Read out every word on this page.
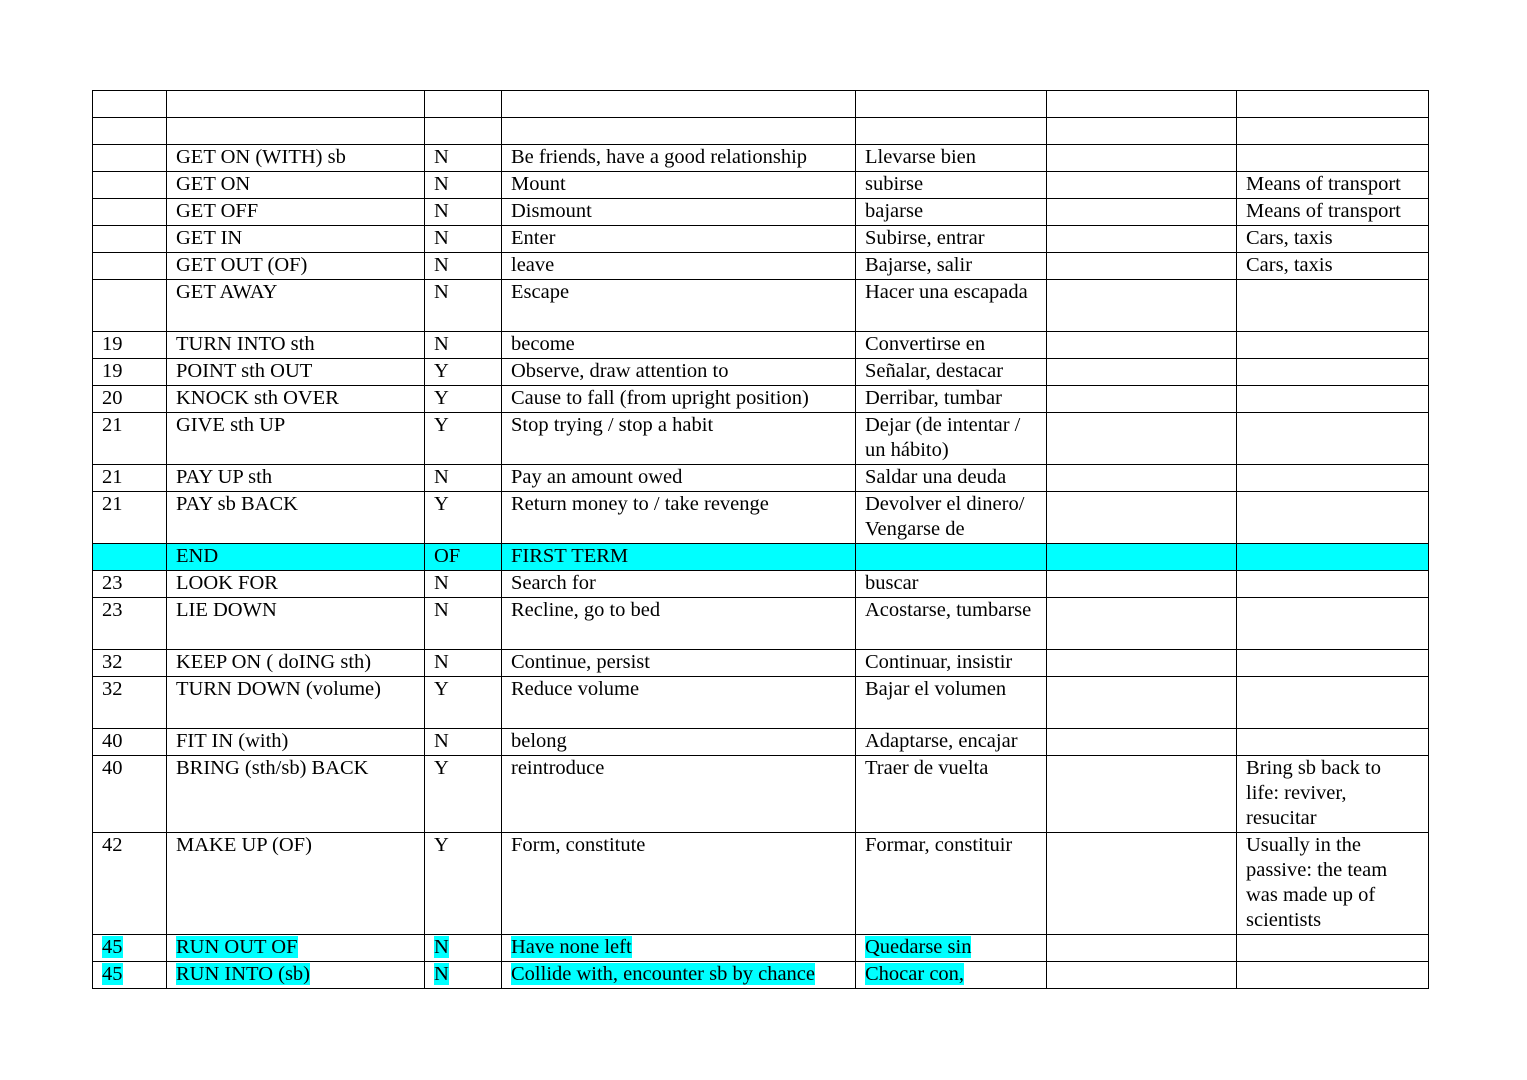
	GET ON (WITH) sb	N	Be friends, have a good relationship	Llevarse bien		
	GET ON	N	Mount	subirse		Means of transport
	GET OFF	N	Dismount	bajarse		Means of transport
	GET IN	N	Enter	Subirse, entrar		Cars, taxis
	GET OUT (OF)	N	leave	Bajarse, salir		Cars, taxis
	GET AWAY	N	Escape	Hacer una escapada		
19	TURN INTO sth	N	become	Convertirse en		
19	POINT sth OUT	Y	Observe, draw attention to	Señalar, destacar		
20	KNOCK sth OVER	Y	Cause to fall (from upright position)	Derribar, tumbar		
21	GIVE sth UP	Y	Stop trying / stop a habit	Dejar (de intentar / un hábito)		
21	PAY UP sth	N	Pay an amount owed	Saldar una deuda		
21	PAY sb BACK	Y	Return money to / take revenge	Devolver el dinero/ Vengarse de		
	END	OF	FIRST TERM			
23	LOOK FOR	N	Search for	buscar		
23	LIE DOWN	N	Recline, go to bed	Acostarse, tumbarse		
32	KEEP ON ( doING sth)	N	Continue, persist	Continuar, insistir		
32	TURN DOWN (volume)	Y	Reduce volume	Bajar el volumen		
40	FIT IN (with)	N	belong	Adaptarse, encajar		
40	BRING (sth/sb) BACK	Y	reintroduce	Traer de vuelta		Bring sb back to life: reviver, resucitar
42	MAKE UP (OF)	Y	Form, constitute	Formar, constituir		Usually in the passive: the team was made up of scientists
45	RUN OUT OF	N	Have none left	Quedarse sin		
45	RUN INTO (sb)	N	Collide with, encounter sb by chance	Chocar con,		
